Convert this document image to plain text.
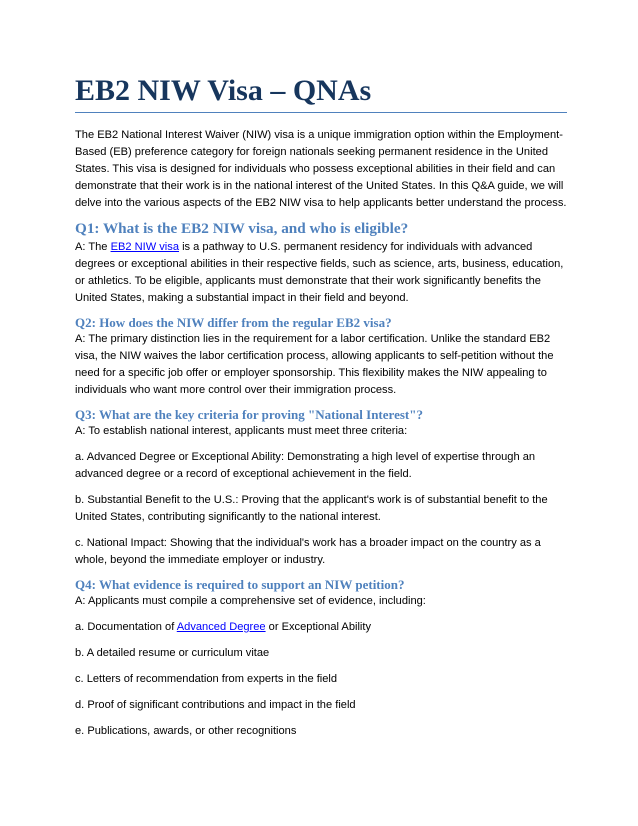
EB2 NIW Visa – QNAs

The EB2 National Interest Waiver (NIW) visa is a unique immigration option within the Employment-Based (EB) preference category for foreign nationals seeking permanent residence in the United States. This visa is designed for individuals who possess exceptional abilities in their field and can demonstrate that their work is in the national interest of the United States. In this Q&A guide, we will delve into the various aspects of the EB2 NIW visa to help applicants better understand the process.

Q1: What is the EB2 NIW visa, and who is eligible?

A: The EB2 NIW visa is a pathway to U.S. permanent residency for individuals with advanced degrees or exceptional abilities in their respective fields, such as science, arts, business, education, or athletics. To be eligible, applicants must demonstrate that their work significantly benefits the United States, making a substantial impact in their field and beyond.

Q2: How does the NIW differ from the regular EB2 visa?

A: The primary distinction lies in the requirement for a labor certification. Unlike the standard EB2 visa, the NIW waives the labor certification process, allowing applicants to self-petition without the need for a specific job offer or employer sponsorship. This flexibility makes the NIW appealing to individuals who want more control over their immigration process.

Q3: What are the key criteria for proving "National Interest"?

A: To establish national interest, applicants must meet three criteria:

a. Advanced Degree or Exceptional Ability: Demonstrating a high level of expertise through an advanced degree or a record of exceptional achievement in the field.

b. Substantial Benefit to the U.S.: Proving that the applicant's work is of substantial benefit to the United States, contributing significantly to the national interest.

c. National Impact: Showing that the individual's work has a broader impact on the country as a whole, beyond the immediate employer or industry.

Q4: What evidence is required to support an NIW petition?

A: Applicants must compile a comprehensive set of evidence, including:

a. Documentation of Advanced Degree or Exceptional Ability

b. A detailed resume or curriculum vitae

c. Letters of recommendation from experts in the field

d. Proof of significant contributions and impact in the field

e. Publications, awards, or other recognitions
